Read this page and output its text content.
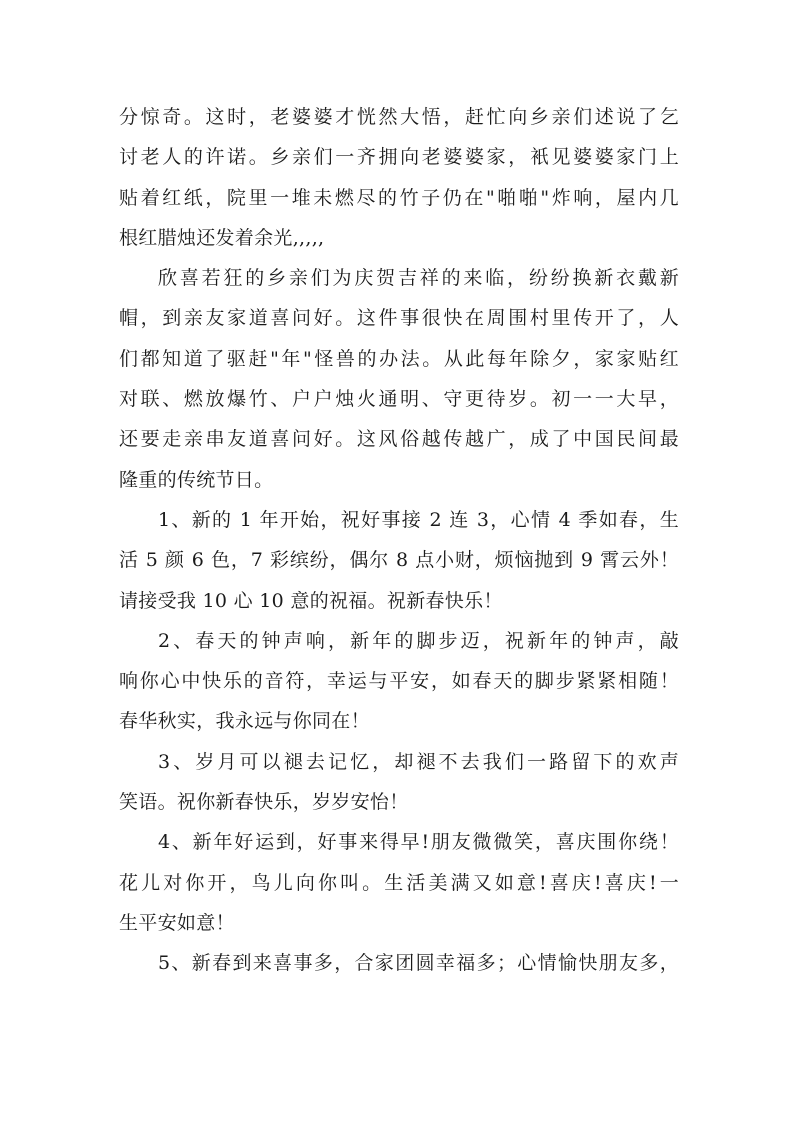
分惊奇。这时，老婆婆才恍然大悟，赶忙向乡亲们述说了乞
讨老人的许诺。乡亲们一齐拥向老婆婆家，衹见婆婆家门上
贴着红纸，院里一堆未燃尽的竹子仍在"啪啪"炸响，屋内几
根红腊烛还发着余光,,,,,
欣喜若狂的乡亲们为庆贺吉祥的来临，纷纷换新衣戴新
帽，到亲友家道喜问好。这件事很快在周围村里传开了，人
们都知道了驱赶"年"怪兽的办法。从此每年除夕，家家贴红
对联、燃放爆竹、户户烛火通明、守更待岁。初一一大早，
还要走亲串友道喜问好。这风俗越传越广，成了中国民间最
隆重的传统节日。
1、新的 1 年开始，祝好事接 2 连 3，心情 4 季如春，生
活 5 颜 6 色，7 彩缤纷，偶尔 8 点小财，烦恼抛到 9 霄云外！
请接受我 10 心 10 意的祝福。祝新春快乐！
2、春天的钟声响，新年的脚步迈，祝新年的钟声，敲
响你心中快乐的音符，幸运与平安，如春天的脚步紧紧相随！
春华秋实，我永远与你同在！
3、岁月可以褪去记忆，却褪不去我们一路留下的欢声
笑语。祝你新春快乐，岁岁安怡！
4、新年好运到，好事来得早!朋友微微笑，喜庆围你绕！
花儿对你开，鸟儿向你叫。生活美满又如意!喜庆!喜庆!一
生平安如意！
5、新春到来喜事多，合家团圆幸福多；心情愉快朋友多，
